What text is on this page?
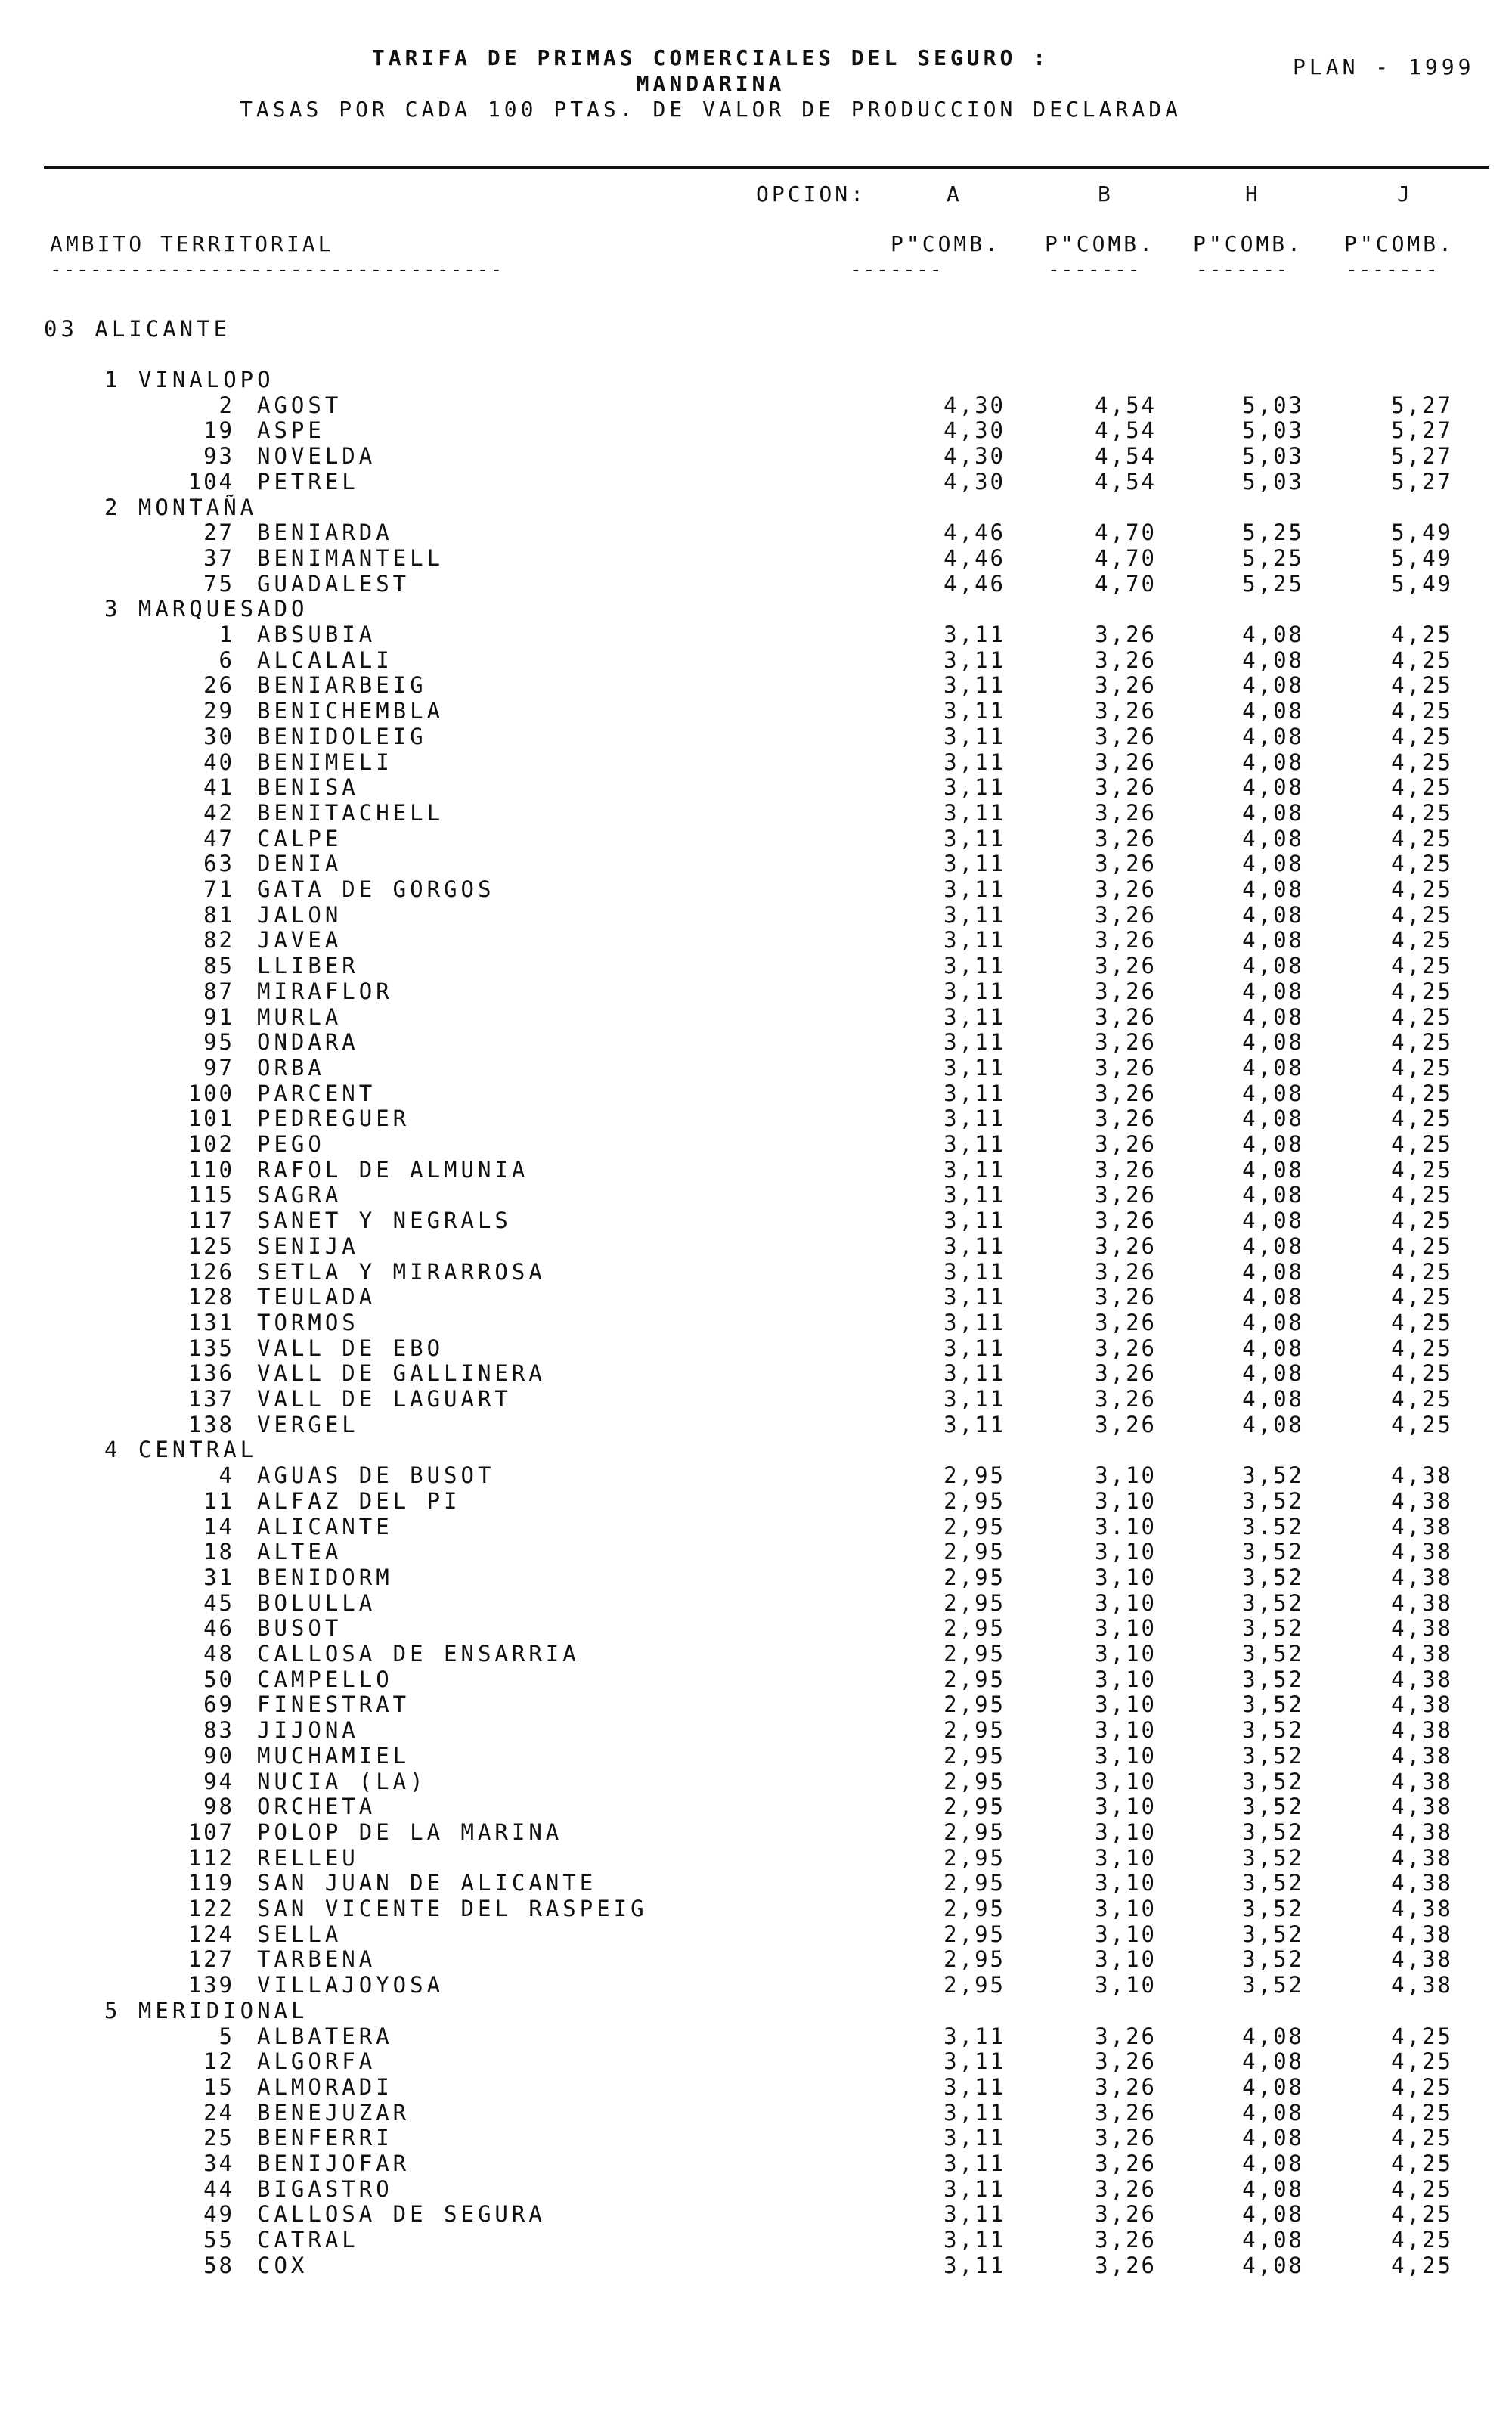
TARIFA DE PRIMAS COMERCIALES DEL SEGURO :
MANDARINA
TASAS POR CADA 100 PTAS. DE VALOR DE PRODUCCION DECLARADA
PLAN - 1999
OPCION:	A	B	H	J
AMBITO TERRITORIAL	P"COMB. P"COMB. P"COMB. P"COMB.
----------------------------------	-------	-------	-------	-------
03 ALICANTE
1 VINALOPO
2 AGOST	4,30	4,54	5,03	5,27
19 ASPE	4,30	4,54	5,03	5,27
93 NOVELDA	4,30	4,54	5,03	5,27
104 PETREL	4,30	4,54	5,03	5,27
2 MONTAÑA
27 BENIARDA	4,46	4,70	5,25	5,49
37 BENIMANTELL	4,46	4,70	5,25	5,49
75 GUADALEST	4,46	4,70	5,25	5,49
3 MARQUESADO
1 ABSUBIA	3,11	3,26	4,08	4,25
6 ALCALALI	3,11	3,26	4,08	4,25
26 BENIARBEIG	3,11	3,26	4,08	4,25
29 BENICHEMBLA	3,11	3,26	4,08	4,25
30 BENIDOLEIG	3,11	3,26	4,08	4,25
40 BENIMELI	3,11	3,26	4,08	4,25
41 BENISA	3,11	3,26	4,08	4,25
42 BENITACHELL	3,11	3,26	4,08	4,25
47 CALPE	3,11	3,26	4,08	4,25
63 DENIA	3,11	3,26	4,08	4,25
71 GATA DE GORGOS	3,11	3,26	4,08	4,25
81 JALON	3,11	3,26	4,08	4,25
82 JAVEA	3,11	3,26	4,08	4,25
85 LLIBER	3,11	3,26	4,08	4,25
87 MIRAFLOR	3,11	3,26	4,08	4,25
91 MURLA	3,11	3,26	4,08	4,25
95 ONDARA	3,11	3,26	4,08	4,25
97 ORBA	3,11	3,26	4,08	4,25
100 PARCENT	3,11	3,26	4,08	4,25
101 PEDREGUER	3,11	3,26	4,08	4,25
102 PEGO	3,11	3,26	4,08	4,25
110 RAFOL DE ALMUNIA	3,11	3,26	4,08	4,25
115 SAGRA	3,11	3,26	4,08	4,25
117 SANET Y NEGRALS	3,11	3,26	4,08	4,25
125 SENIJA	3,11	3,26	4,08	4,25
126 SETLA Y MIRARROSA	3,11	3,26	4,08	4,25
128 TEULADA	3,11	3,26	4,08	4,25
131 TORMOS	3,11	3,26	4,08	4,25
135 VALL DE EBO	3,11	3,26	4,08	4,25
136 VALL DE GALLINERA	3,11	3,26	4,08	4,25
137 VALL DE LAGUART	3,11	3,26	4,08	4,25
138 VERGEL	3,11	3,26	4,08	4,25
4 CENTRAL
4 AGUAS DE BUSOT	2,95	3,10	3,52	4,38
11 ALFAZ DEL PI	2,95	3,10	3,52	4,38
14 ALICANTE	2,95	3.10	3.52	4,38
18 ALTEA	2,95	3,10	3,52	4,38
31 BENIDORM	2,95	3,10	3,52	4,38
45 BOLULLA	2,95	3,10	3,52	4,38
46 BUSOT	2,95	3,10	3,52	4,38
48 CALLOSA DE ENSARRIA	2,95	3,10	3,52	4,38
50 CAMPELLO	2,95	3,10	3,52	4,38
69 FINESTRAT	2,95	3,10	3,52	4,38
83 JIJONA	2,95	3,10	3,52	4,38
90 MUCHAMIEL	2,95	3,10	3,52	4,38
94 NUCIA (LA)	2,95	3,10	3,52	4,38
98 ORCHETA	2,95	3,10	3,52	4,38
107 POLOP DE LA MARINA	2,95	3,10	3,52	4,38
112 RELLEU	2,95	3,10	3,52	4,38
119 SAN JUAN DE ALICANTE	2,95	3,10	3,52	4,38
122 SAN VICENTE DEL RASPEIG	2,95	3,10	3,52	4,38
124 SELLA	2,95	3,10	3,52	4,38
127 TARBENA	2,95	3,10	3,52	4,38
139 VILLAJOYOSA	2,95	3,10	3,52	4,38
5 MERIDIONAL
5 ALBATERA	3,11	3,26	4,08	4,25
12 ALGORFA	3,11	3,26	4,08	4,25
15 ALMORADI	3,11	3,26	4,08	4,25
24 BENEJUZAR	3,11	3,26	4,08	4,25
25 BENFERRI	3,11	3,26	4,08	4,25
34 BENIJOFAR	3,11	3,26	4,08	4,25
44 BIGASTRO	3,11	3,26	4,08	4,25
49 CALLOSA DE SEGURA	3,11	3,26	4,08	4,25
55 CATRAL	3,11	3,26	4,08	4,25
58 COX	3,11	3,26	4,08	4,25
